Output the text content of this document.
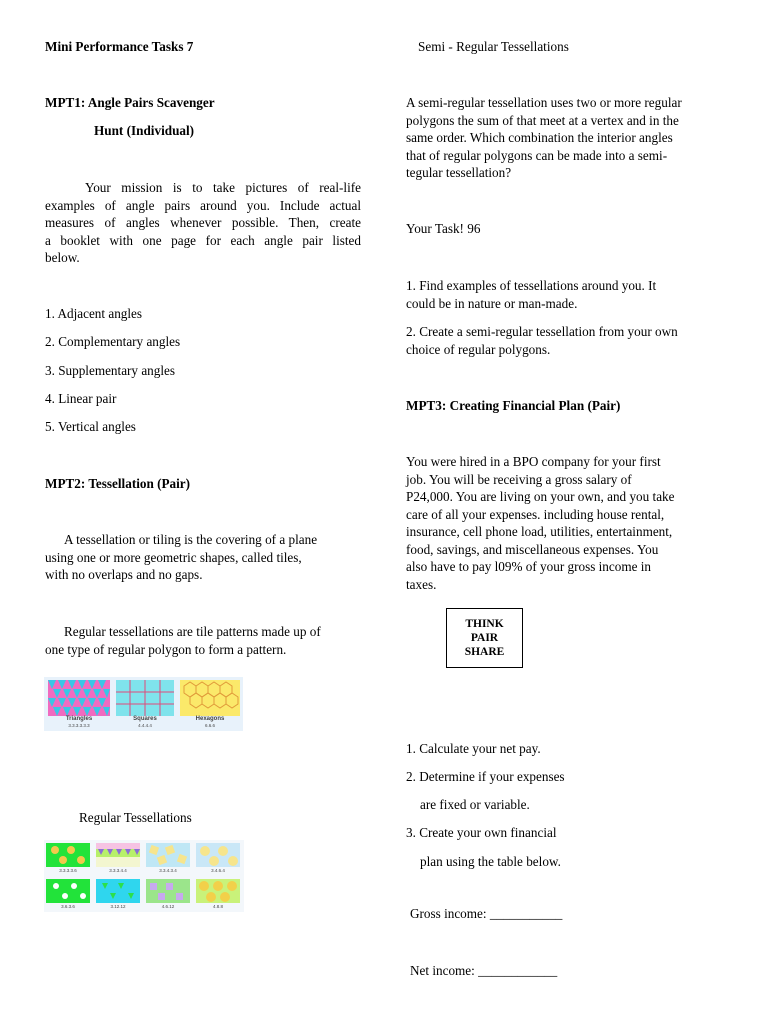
Mini Performance Tasks 7
MPT1: Angle Pairs Scavenger
Hunt (Individual)
Your mission is to take pictures of real-life
examples of angle pairs around you. Include actual
measures of angles whenever possible. Then, create
a booklet with one page for each angle pair listed
below.
1. Adjacent angles
2. Complementary angles
3. Supplementary angles
4. Linear pair
5. Vertical angles
MPT2: Tessellation (Pair)
A tessellation or tiling is the covering of a plane
using one or more geometric shapes, called tiles,
with no overlaps and no gaps.
Regular tessellations are tile patterns made up of
one type of regular polygon to form a pattern.
Triangles
3.3.3.3.3.3
Squares
4.4.4.4
Hexagons
6.6.6
Regular Tessellations
3.3.3.3.6	3.3.3.4.4	3.3.4.3.4	3.4.6.4
3.6.3.6	3.12.12	4.6.12	4.8.8
Semi - Regular Tessellations
A semi-regular tessellation uses two or more regular
polygons the sum of that meet at a vertex and in the
same order. Which combination the interior angles
that of regular polygons can be made into a semi-
tegular tessellation?
Your Task! 96
1. Find examples of tessellations around you. It
could be in nature or man-made.
2. Create a semi-regular tessellation from your own
choice of regular polygons.
MPT3: Creating Financial Plan (Pair)
You were hired in a BPO company for your first
job. You will be receiving a gross salary of
P24,000. You are living on your own, and you take
care of all your expenses. including house rental,
insurance, cell phone load, utilities, entertainment,
food, savings, and miscellaneous expenses. You
also have to pay l09% of your gross income in
taxes.
THINK
PAIR
SHARE
1. Calculate your net pay.
2. Determine if your expenses
are fixed or variable.
3. Create your own financial
plan using the table below.
Gross income: ___________
Net income: ____________
